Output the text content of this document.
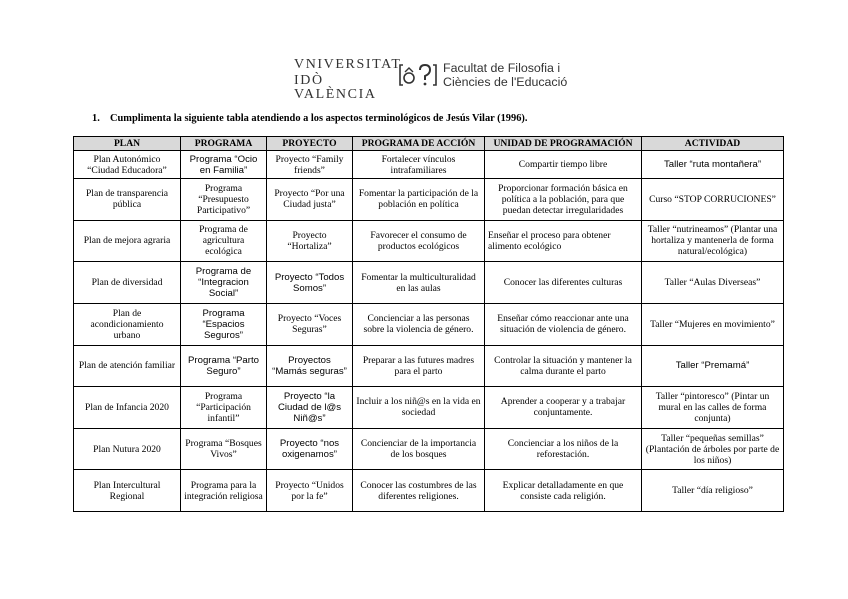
VNIVERSITAT
IDÒ VALÈNCIA
Facultat de Filosofia i
Ciències de l'Educació
1. Cumplimenta la siguiente tabla atendiendo a los aspectos terminológicos de Jesús Vilar (1996).
PLAN	PROGRAMA	PROYECTO	PROGRAMA DE ACCIÓN	UNIDAD DE PROGRAMACIÓN	ACTIVIDAD
Plan Autonómico “Ciudad Educadora”	Programa “Ocio en Familia”	Proyecto “Family friends”	Fortalecer vínculos intrafamiliares	Compartir tiempo libre	Taller “ruta montañera”
Plan de transparencia pública	Programa “Presupuesto Participativo”	Proyecto “Por una Ciudad justa”	Fomentar la participación de la población en política	Proporcionar formación básica en política a la población, para que puedan detectar irregularidades	Curso “STOP CORRUCIONES”
Plan de mejora agraria	Programa de agricultura ecológica	Proyecto “Hortaliza”	Favorecer el consumo de productos ecológicos	Enseñar el proceso para obtener alimento ecológico	Taller “nutrineamos” (Plantar una hortaliza y mantenerla de forma natural/ecológica)
Plan de diversidad	Programa de “Integracion Social”	Proyecto “Todos Somos”	Fomentar la multiculturalidad en las aulas	Conocer las diferentes culturas	Taller “Aulas Diverseas”
Plan de acondicionamiento urbano	Programa “Espacios Seguros”	Proyecto “Voces Seguras”	Concienciar a las personas sobre la violencia de género.	Enseñar cómo reaccionar ante una situación de violencia de género.	Taller “Mujeres en movimiento”
Plan de atención familiar	Programa “Parto Seguro”	Proyectos “Mamás seguras”	Preparar a las futures madres para el parto	Controlar la situación y mantener la calma durante el parto	Taller “Premamá”
Plan de Infancia 2020	Programa “Participación infantil”	Proyecto “la Ciudad de l@s Niñ@s”	Incluir a los niñ@s en la vida en sociedad	Aprender a cooperar y a trabajar conjuntamente.	Taller “pintoresco” (Pintar un mural en las calles de forma conjunta)
Plan Nutura 2020	Programa “Bosques Vivos”	Proyecto “nos oxigenamos”	Concienciar de la importancia de los bosques	Concienciar a los niños de la reforestación.	Taller “pequeñas semillas” (Plantación de árboles por parte de los niños)
Plan Intercultural Regional	Programa para la integración religiosa	Proyecto “Unidos por la fe”	Conocer las costumbres de las diferentes religiones.	Explicar detalladamente en que consiste cada religión.	Taller “día religioso”
